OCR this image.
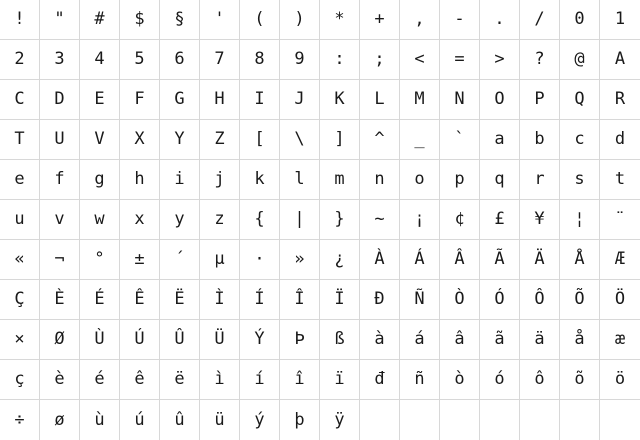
!	"	#	$	§	'	(	)	*	+	,	-	.	/	0	1
2	3	4	5	6	7	8	9	:	;	<	=	>	?	@	A
C	D	E	F	G	H	I	J	K	L	M	N	O	P	Q	R
T	U	V	X	Y	Z	[	\	]	^	_	`	a	b	c	d
e	f	g	h	i	j	k	l	m	n	o	p	q	r	s	t
u	v	w	x	y	z	{	|	}	~	¡	¢	£	¥	¦	¨
«	¬	°	±	´	µ	·	»	¿	À	Á	Â	Ã	Ä	Å	Æ
Ç	È	É	Ê	Ë	Ì	Í	Î	Ï	Ð	Ñ	Ò	Ó	Ô	Õ	Ö
×	Ø	Ù	Ú	Û	Ü	Ý	Þ	ß	à	á	â	ã	ä	å	æ
ç	è	é	ê	ë	ì	í	î	ï	đ	ñ	ò	ó	ô	õ	ö
÷	ø	ù	ú	û	ü	ý	þ	ÿ
